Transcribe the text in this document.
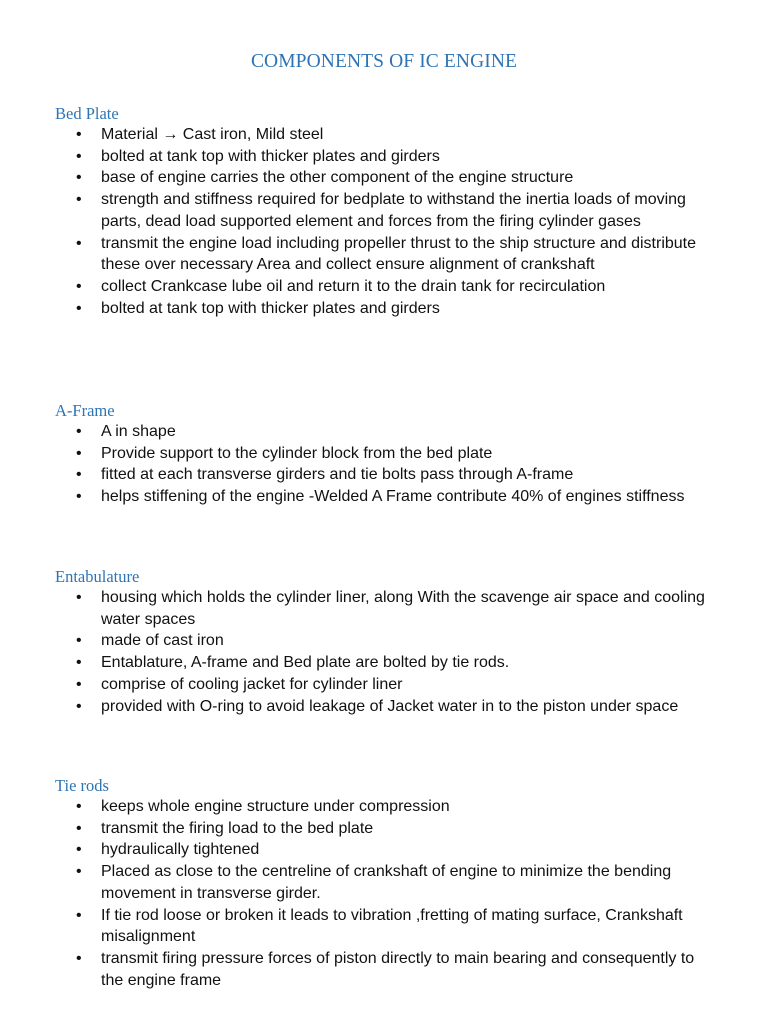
COMPONENTS OF IC ENGINE
Bed Plate
• Material → Cast iron, Mild steel
• bolted at tank top with thicker plates and girders
• base of engine carries the other component of the engine structure
• strength and stiffness required for bedplate to withstand the inertia loads of moving parts, dead load supported element and forces from the firing cylinder gases
• transmit the engine load including propeller thrust to the ship structure and distribute these over necessary Area and collect ensure alignment of crankshaft
• collect Crankcase lube oil and return it to the drain tank for recirculation
• bolted at tank top with thicker plates and girders
A-Frame
• A in shape
• Provide support to the cylinder block from the bed plate
• fitted at each transverse girders and tie bolts pass through A-frame
• helps stiffening of the engine -Welded A Frame contribute 40% of engines stiffness
Entabulature
• housing which holds the cylinder liner, along With the scavenge air space and cooling water spaces
• made of cast iron
• Entablature, A-frame and Bed plate are bolted by tie rods.
• comprise of cooling jacket for cylinder liner
• provided with O-ring to avoid leakage of Jacket water in to the piston under space
Tie rods
• keeps whole engine structure under compression
• transmit the firing load to the bed plate
• hydraulically tightened
• Placed as close to the centreline of crankshaft of engine to minimize the bending movement in transverse girder.
• If tie rod loose or broken it leads to vibration ,fretting of mating surface, Crankshaft misalignment
• transmit firing pressure forces of piston directly to main bearing and consequently to the engine frame
